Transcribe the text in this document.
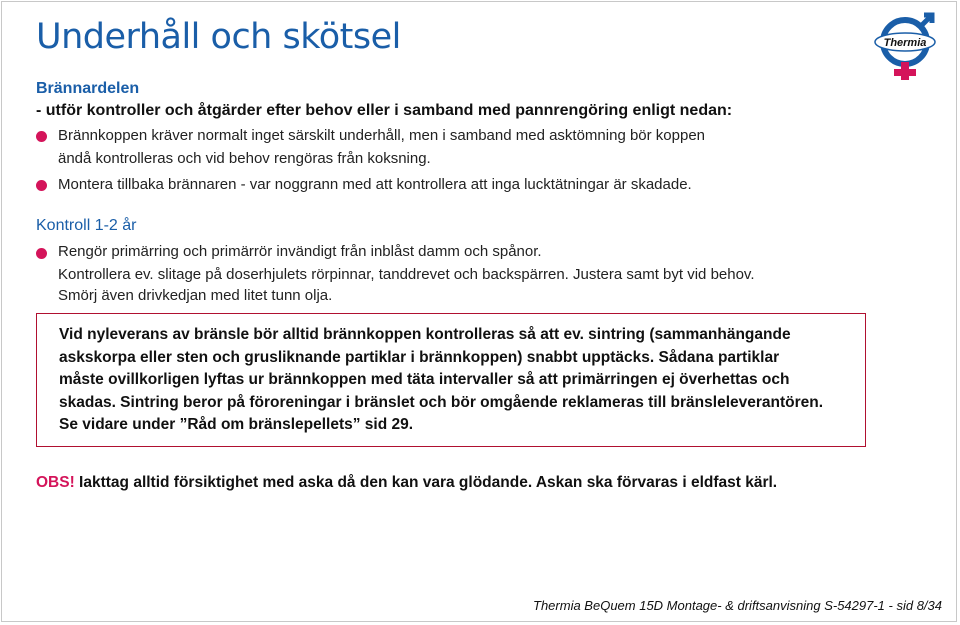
Underhåll och skötsel	Thermia
Brännardelen
- utför kontroller och åtgärder efter behov eller i samband med pannrengöring enligt nedan:
Brännkoppen kräver normalt inget särskilt underhåll, men i samband med asktömning bör koppen
ändå kontrolleras och vid behov rengöras från koksning.
Montera tillbaka brännaren - var noggrann med att kontrollera att inga lucktätningar är skadade.
Kontroll 1-2 år
Rengör primärring och primärrör invändigt från inblåst damm och spånor.
Kontrollera ev. slitage på doserhjulets rörpinnar, tanddrevet och backspärren. Justera samt byt vid behov.
Smörj även drivkedjan med litet tunn olja.
Vid nyleverans av bränsle bör alltid brännkoppen kontrolleras så att ev. sintring (sammanhängande
askskorpa eller sten och grusliknande partiklar i brännkoppen) snabbt upptäcks. Sådana partiklar
måste ovillkorligen lyftas ur brännkoppen med täta intervaller så att primärringen ej överhettas och
skadas. Sintring beror på föroreningar i bränslet och bör omgående reklameras till bränsleleverantören.
Se vidare under ”Råd om bränslepellets” sid 29.
OBS! Iakttag alltid försiktighet med aska då den kan vara glödande. Askan ska förvaras i eldfast kärl.
Thermia BeQuem 15D Montage- & driftsanvisning S-54297-1 - sid 8/34
